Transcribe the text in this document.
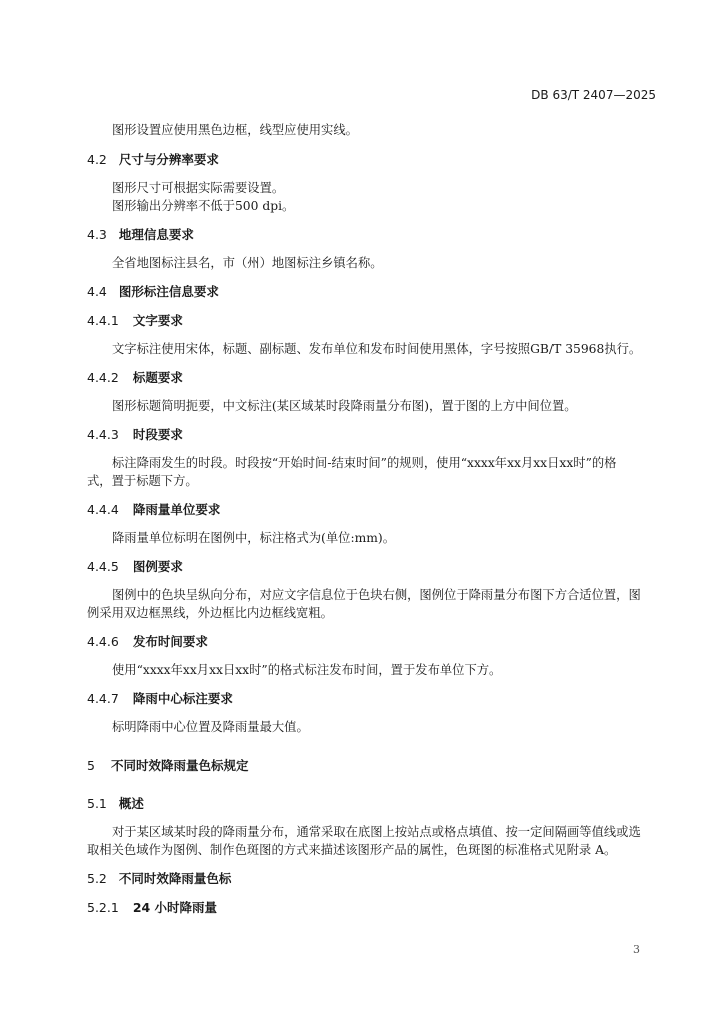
DB 63/T 2407—2025
图形设置应使用黑色边框，线型应使用实线。
4.2 尺寸与分辨率要求
图形尺寸可根据实际需要设置。
图形输出分辨率不低于500 dpi。
4.3 地理信息要求
全省地图标注县名，市（州）地图标注乡镇名称。
4.4 图形标注信息要求
4.4.1 文字要求
文字标注使用宋体，标题、副标题、发布单位和发布时间使用黑体，字号按照GB/T 35968执行。
4.4.2 标题要求
图形标题简明扼要，中文标注(某区域某时段降雨量分布图)，置于图的上方中间位置。
4.4.3 时段要求
标注降雨发生的时段。时段按“开始时间-结束时间”的规则，使用“xxxx年xx月xx日xx时”的格
式，置于标题下方。
4.4.4 降雨量单位要求
降雨量单位标明在图例中，标注格式为(单位:mm)。
4.4.5 图例要求
图例中的色块呈纵向分布，对应文字信息位于色块右侧，图例位于降雨量分布图下方合适位置，图
例采用双边框黑线，外边框比内边框线宽粗。
4.4.6 发布时间要求
使用“xxxx年xx月xx日xx时”的格式标注发布时间，置于发布单位下方。
4.4.7 降雨中心标注要求
标明降雨中心位置及降雨量最大值。
5 不同时效降雨量色标规定
5.1 概述
对于某区域某时段的降雨量分布，通常采取在底图上按站点或格点填值、按一定间隔画等值线或选
取相关色域作为图例、制作色斑图的方式来描述该图形产品的属性，色斑图的标准格式见附录 A。
5.2 不同时效降雨量色标
5.2.1 24 小时降雨量
3
